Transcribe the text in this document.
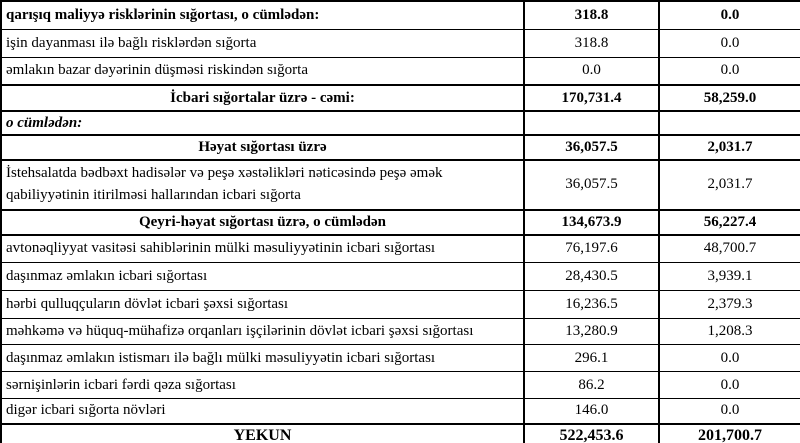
qarışıq maliyyə risklərinin sığortası, o cümlədən:	318.8	0.0
işin dayanması ilə bağlı risklərdən sığorta	318.8	0.0
əmlakın bazar dəyərinin düşməsi riskindən sığorta	0.0	0.0
İcbari sığortalar üzrə - cəmi:	170,731.4	58,259.0
o cümlədən:		
Həyat sığortası üzrə	36,057.5	2,031.7
İstehsalatda bədbəxt hadisələr və peşə xəstəlikləri nəticəsində peşə əmək qabiliyyətinin itirilməsi hallarından icbari sığorta	36,057.5	2,031.7
Qeyri-həyat sığortası üzrə, o cümlədən	134,673.9	56,227.4
avtonəqliyyat vasitəsi sahiblərinin mülki məsuliyyətinin icbari sığortası	76,197.6	48,700.7
daşınmaz əmlakın icbari sığortası	28,430.5	3,939.1
hərbi qulluqçuların dövlət icbari şəxsi sığortası	16,236.5	2,379.3
məhkəmə və hüquq-mühafizə orqanları işçilərinin dövlət icbari şəxsi sığortası	13,280.9	1,208.3
daşınmaz əmlakın istismarı ilə bağlı mülki məsuliyyətin icbari sığortası	296.1	0.0
sərnişinlərin icbari fərdi qəza sığortası	86.2	0.0
digər icbari sığorta növləri	146.0	0.0
YEKUN	522,453.6	201,700.7
